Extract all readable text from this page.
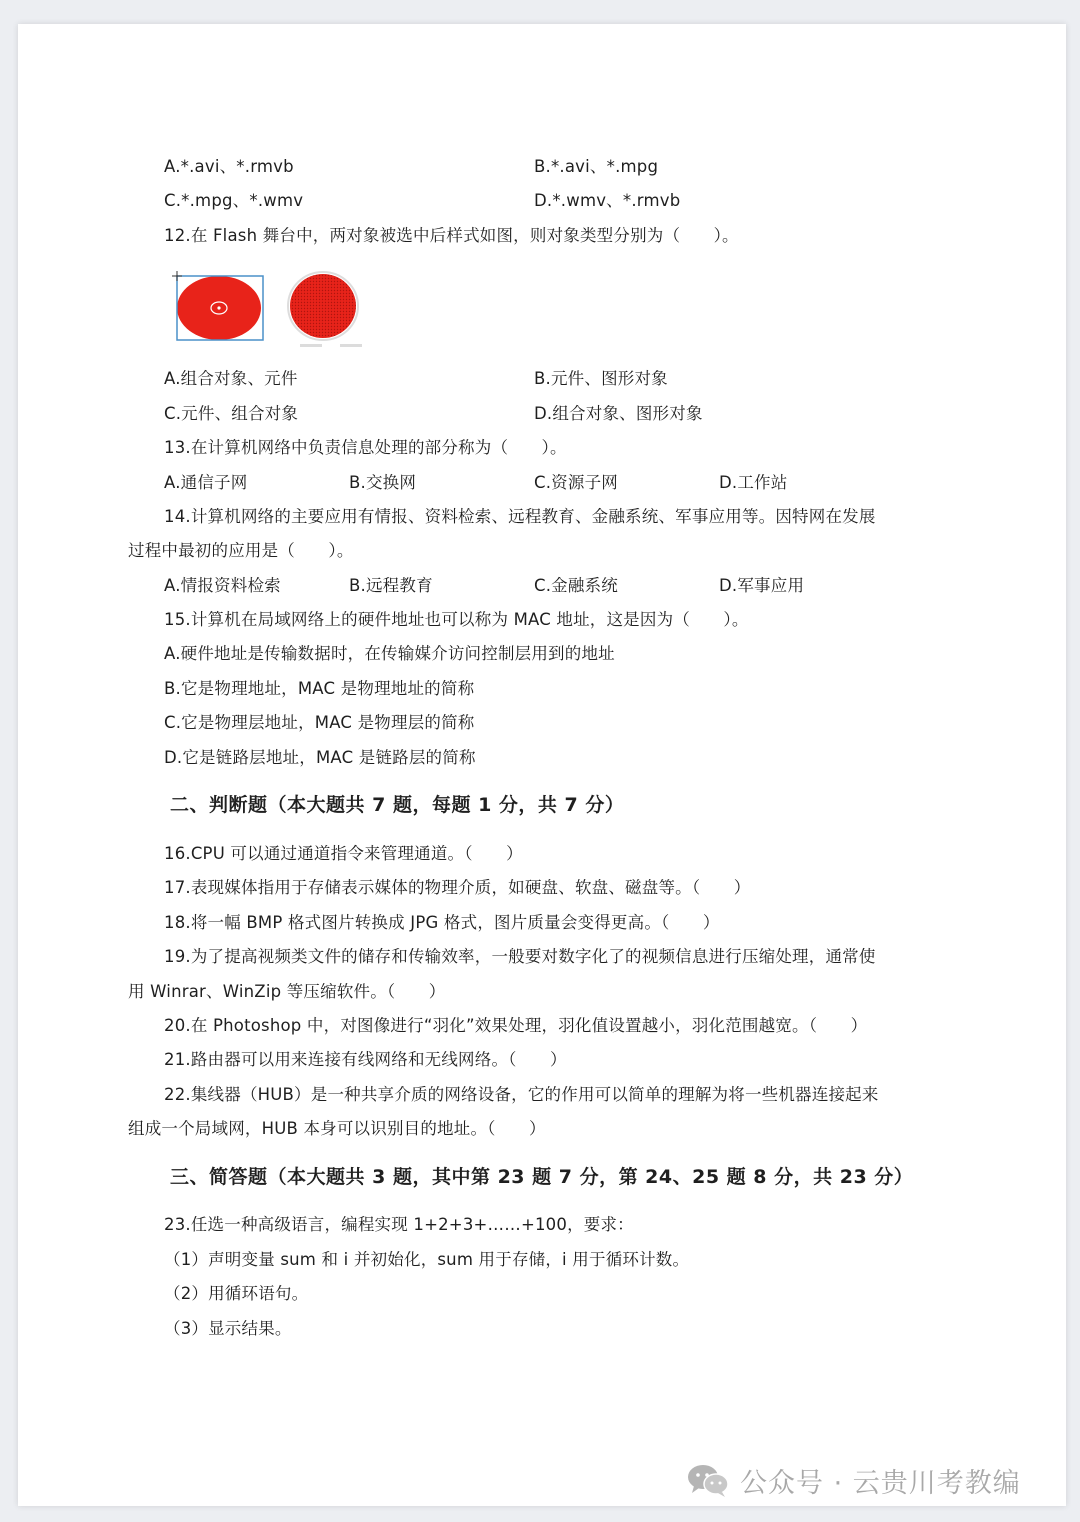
A.*.avi、*.rmvb	B.*.avi、*.mpg
C.*.mpg、*.wmv	D.*.wmv、*.rmvb
12.在 Flash 舞台中，两对象被选中后样式如图，则对象类型分别为（　　）。
A.组合对象、元件	B.元件、图形对象
C.元件、组合对象	D.组合对象、图形对象
13.在计算机网络中负责信息处理的部分称为（　　）。
A.通信子网	B.交换网	C.资源子网	D.工作站
14.计算机网络的主要应用有情报、资料检索、远程教育、金融系统、军事应用等。因特网在发展
过程中最初的应用是（　　）。
A.情报资料检索	B.远程教育	C.金融系统	D.军事应用
15.计算机在局域网络上的硬件地址也可以称为 MAC 地址，这是因为（　　）。
A.硬件地址是传输数据时，在传输媒介访问控制层用到的地址
B.它是物理地址，MAC 是物理地址的简称
C.它是物理层地址，MAC 是物理层的简称
D.它是链路层地址，MAC 是链路层的简称
二、判断题（本大题共 7 题，每题 1 分，共 7 分）
16.CPU 可以通过通道指令来管理通道。（　　）
17.表现媒体指用于存储表示媒体的物理介质，如硬盘、软盘、磁盘等。（　　）
18.将一幅 BMP 格式图片转换成 JPG 格式，图片质量会变得更高。（　　）
19.为了提高视频类文件的储存和传输效率，一般要对数字化了的视频信息进行压缩处理，通常使
用 Winrar、WinZip 等压缩软件。（　　）
20.在 Photoshop 中，对图像进行“羽化”效果处理，羽化值设置越小，羽化范围越宽。（　　）
21.路由器可以用来连接有线网络和无线网络。（　　）
22.集线器（HUB）是一种共享介质的网络设备，它的作用可以简单的理解为将一些机器连接起来
组成一个局域网，HUB 本身可以识别目的地址。（　　）
三、简答题（本大题共 3 题，其中第 23 题 7 分，第 24、25 题 8 分，共 23 分）
23.任选一种高级语言，编程实现 1+2+3+……+100，要求：
（1）声明变量 sum 和 i 并初始化，sum 用于存储，i 用于循环计数。
（2）用循环语句。
（3）显示结果。
公众号 · 云贵川考教编
